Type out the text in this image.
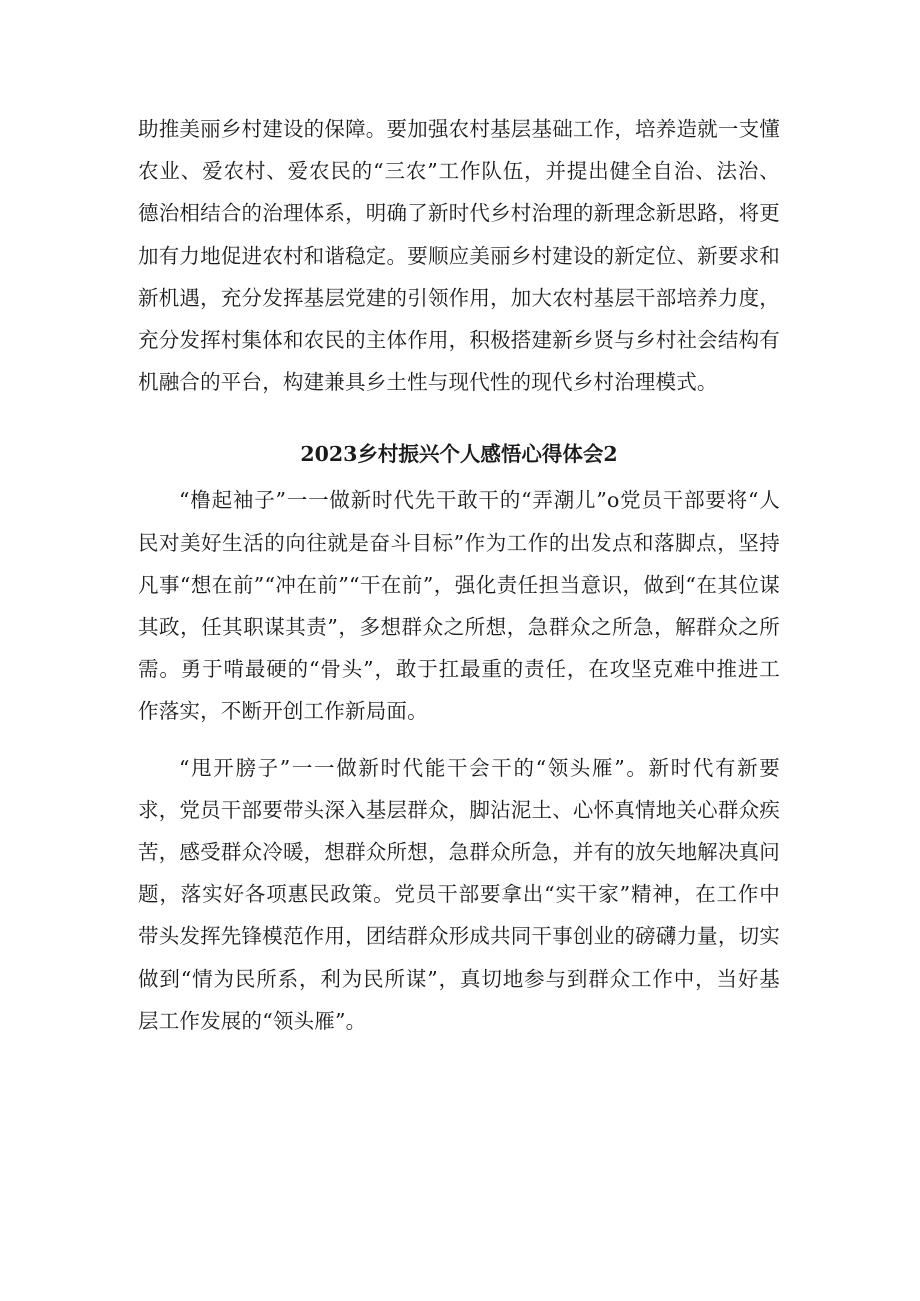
助推美丽乡村建设的保障。要加强农村基层基础工作，培养造就一支懂农业、爱农村、爱农民的“三农”工作队伍，并提出健全自治、法治、德治相结合的治理体系，明确了新时代乡村治理的新理念新思路，将更加有力地促进农村和谐稳定。要顺应美丽乡村建设的新定位、新要求和新机遇，充分发挥基层党建的引领作用，加大农村基层干部培养力度，充分发挥村集体和农民的主体作用，积极搭建新乡贤与乡村社会结构有机融合的平台，构建兼具乡土性与现代性的现代乡村治理模式。

2023乡村振兴个人感悟心得体会2

“橹起袖子”一一做新时代先干敢干的“弄潮儿”o党员干部要将“人民对美好生活的向往就是奋斗目标”作为工作的出发点和落脚点，坚持凡事“想在前”“冲在前”“干在前”，强化责任担当意识，做到“在其位谋其政，任其职谋其责”，多想群众之所想，急群众之所急，解群众之所需。勇于啃最硬的“骨头”，敢于扛最重的责任，在攻坚克难中推进工作落实，不断开创工作新局面。

“甩开膀子”一一做新时代能干会干的“领头雁”。新时代有新要求，党员干部要带头深入基层群众，脚沾泥土、心怀真情地关心群众疾苦，感受群众冷暖，想群众所想，急群众所急，并有的放矢地解决真问题，落实好各项惠民政策。党员干部要拿出“实干家”精神，在工作中带头发挥先锋模范作用，团结群众形成共同干事创业的磅礴力量，切实做到“情为民所系，利为民所谋”，真切地参与到群众工作中，当好基层工作发展的“领头雁”。
